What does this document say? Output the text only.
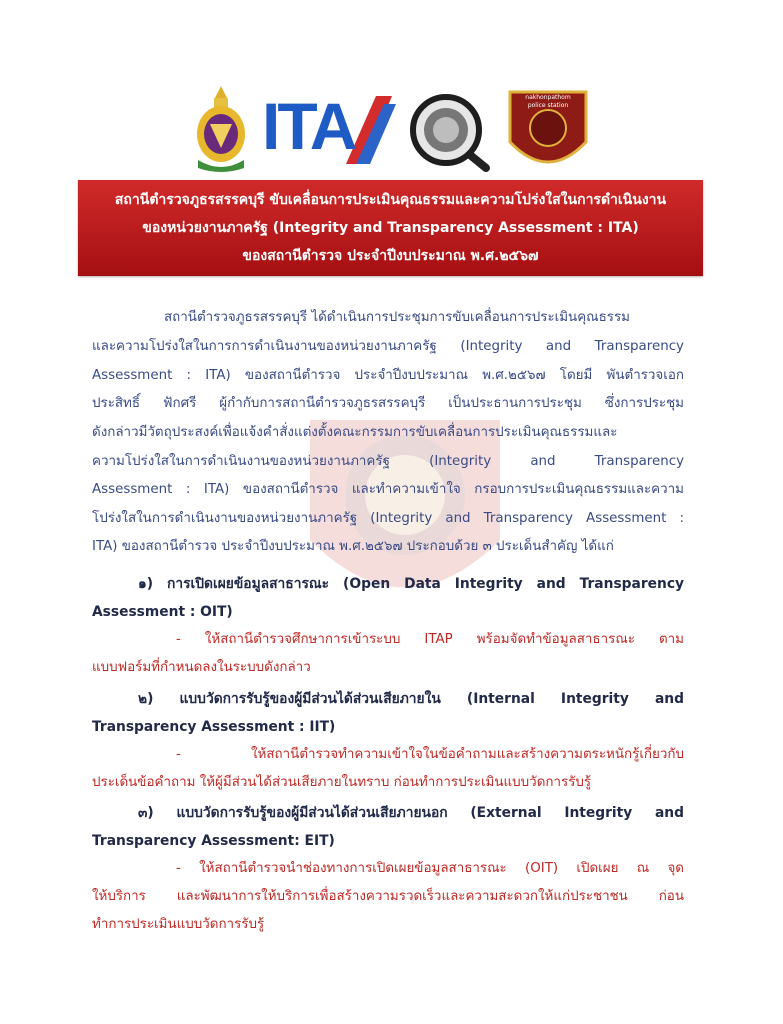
ITA	nakhonpathom police station
สถานีตำรวจภูธรสรรคบุรี ขับเคลื่อนการประเมินคุณธรรมและความโปร่งใสในการดำเนินงาน
ของหน่วยงานภาครัฐ (Integrity and Transparency Assessment : ITA)
ของสถานีตำรวจ ประจำปีงบประมาณ พ.ศ.๒๕๖๗
สถานีตำรวจภูธรสรรคบุรี ได้ดำเนินการประชุมการขับเคลื่อนการประเมินคุณธรรม
และความโปร่งใสในการการดำเนินงานของหน่วยงานภาครัฐ (Integrity and Transparency
Assessment : ITA) ของสถานีตำรวจ ประจำปีงบประมาณ พ.ศ.๒๕๖๗ โดยมี พันตำรวจเอก
ประสิทธิ์ ฟักศรี ผู้กำกับการสถานีตำรวจภูธรสรรคบุรี เป็นประธานการประชุม ซึ่งการประชุม
ดังกล่าวมีวัตถุประสงค์เพื่อแจ้งคำสั่งแต่งตั้งคณะกรรมการขับเคลื่อนการประเมินคุณธรรมและ
ความโปร่งใสในการดำเนินงานของหน่วยงานภาครัฐ (Integrity and Transparency
Assessment : ITA) ของสถานีตำรวจ และทำความเข้าใจ กรอบการประเมินคุณธรรมและความ
โปร่งใสในการดำเนินงานของหน่วยงานภาครัฐ (Integrity and Transparency Assessment :
ITA) ของสถานีตำรวจ ประจำปีงบประมาณ พ.ศ.๒๕๖๗ ประกอบด้วย ๓ ประเด็นสำคัญ ได้แก่
๑) การเปิดเผยข้อมูลสาธารณะ (Open Data Integrity and Transparency
Assessment : OIT)
- ให้สถานีตำรวจศึกษาการเข้าระบบ ITAP พร้อมจัดทำข้อมูลสาธารณะ ตาม
แบบฟอร์มที่กำหนดลงในระบบดังกล่าว
๒) แบบวัดการรับรู้ของผู้มีส่วนได้ส่วนเสียภายใน (Internal Integrity and
Transparency Assessment : IIT)
- ให้สถานีตำรวจทำความเข้าใจในข้อคำถามและสร้างความตระหนักรู้เกี่ยวกับ
ประเด็นข้อคำถาม ให้ผู้มีส่วนได้ส่วนเสียภายในทราบ ก่อนทำการประเมินแบบวัดการรับรู้
๓) แบบวัดการรับรู้ของผู้มีส่วนได้ส่วนเสียภายนอก (External Integrity and
Transparency Assessment: EIT)
- ให้สถานีตำรวจนำช่องทางการเปิดเผยข้อมูลสาธารณะ (OIT) เปิดเผย ณ จุด
ให้บริการ และพัฒนาการให้บริการเพื่อสร้างความรวดเร็วและความสะดวกให้แก่ประชาชน ก่อน
ทำการประเมินแบบวัดการรับรู้
